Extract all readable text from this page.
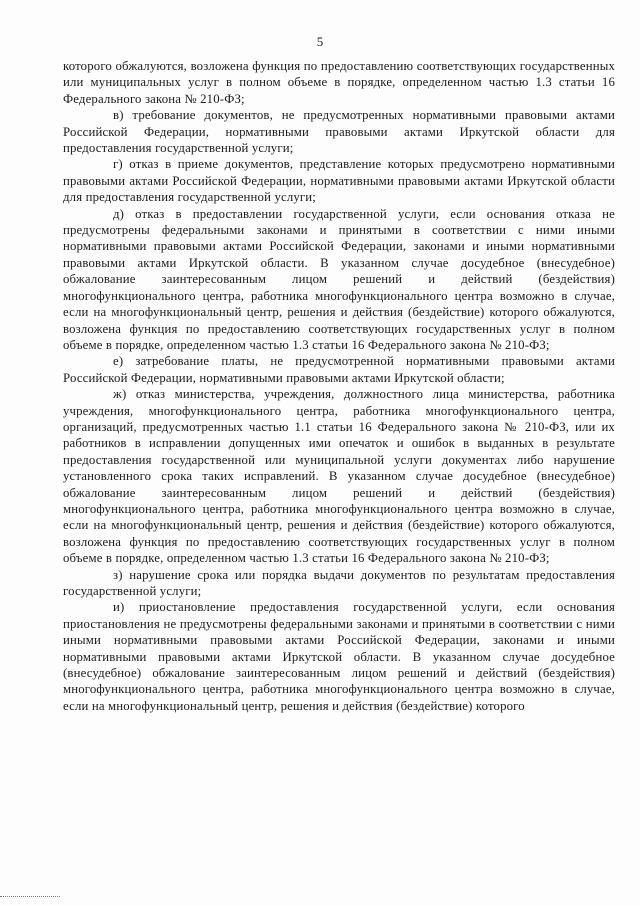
5

которого обжалуются, возложена функция по предоставлению соответствующих государственных или муниципальных услуг в полном объеме в порядке, определенном частью 1.3 статьи 16 Федерального закона № 210-ФЗ;

в) требование документов, не предусмотренных нормативными правовыми актами Российской Федерации, нормативными правовыми актами Иркутской области для предоставления государственной услуги;

г) отказ в приеме документов, представление которых предусмотрено нормативными правовыми актами Российской Федерации, нормативными правовыми актами Иркутской области для предоставления государственной услуги;

д) отказ в предоставлении государственной услуги, если основания отказа не предусмотрены федеральными законами и принятыми в соответствии с ними иными нормативными правовыми актами Российской Федерации, законами и иными нормативными правовыми актами Иркутской области. В указанном случае досудебное (внесудебное) обжалование заинтересованным лицом решений и действий (бездействия) многофункционального центра, работника многофункционального центра возможно в случае, если на многофункциональный центр, решения и действия (бездействие) которого обжалуются, возложена функция по предоставлению соответствующих государственных услуг в полном объеме в порядке, определенном частью 1.3 статьи 16 Федерального закона № 210-ФЗ;

е) затребование платы, не предусмотренной нормативными правовыми актами Российской Федерации, нормативными правовыми актами Иркутской области;

ж) отказ министерства, учреждения, должностного лица министерства, работника учреждения, многофункционального центра, работника многофункционального центра, организаций, предусмотренных частью 1.1 статьи 16 Федерального закона № 210-ФЗ, или их работников в исправлении допущенных ими опечаток и ошибок в выданных в результате предоставления государственной или муниципальной услуги документах либо нарушение установленного срока таких исправлений. В указанном случае досудебное (внесудебное) обжалование заинтересованным лицом решений и действий (бездействия) многофункционального центра, работника многофункционального центра возможно в случае, если на многофункциональный центр, решения и действия (бездействие) которого обжалуются, возложена функция по предоставлению соответствующих государственных услуг в полном объеме в порядке, определенном частью 1.3 статьи 16 Федерального закона № 210-ФЗ;

з) нарушение срока или порядка выдачи документов по результатам предоставления государственной услуги;

и) приостановление предоставления государственной услуги, если основания приостановления не предусмотрены федеральными законами и принятыми в соответствии с ними иными нормативными правовыми актами Российской Федерации, законами и иными нормативными правовыми актами Иркутской области. В указанном случае досудебное (внесудебное) обжалование заинтересованным лицом решений и действий (бездействия) многофункционального центра, работника многофункционального центра возможно в случае, если на многофункциональный центр, решения и действия (бездействие) которого
